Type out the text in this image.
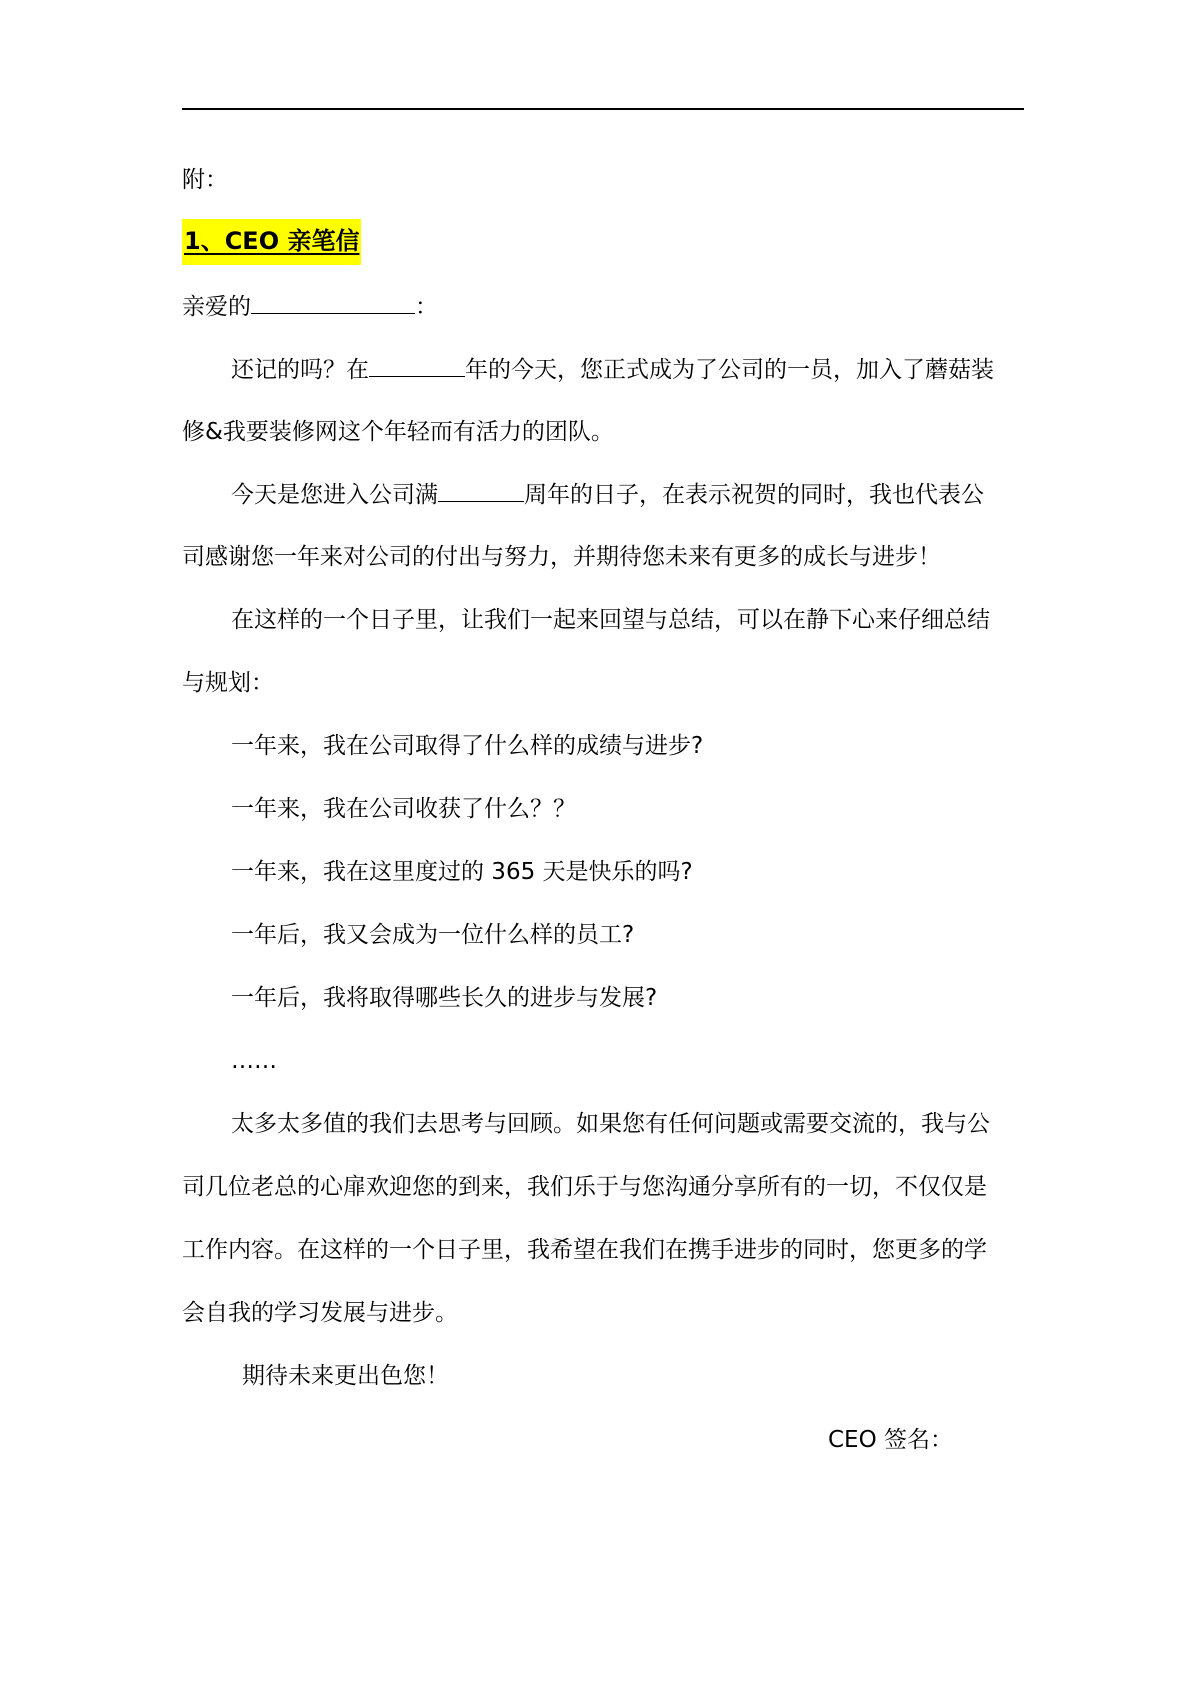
附：
1、CEO 亲笔信
亲爱的	：
还记的吗？在	年的今天，您正式成为了公司的一员，加入了蘑菇装
修&我要装修网这个年轻而有活力的团队。
今天是您进入公司满	周年的日子，在表示祝贺的同时，我也代表公
司感谢您一年来对公司的付出与努力，并期待您未来有更多的成长与进步！
在这样的一个日子里，让我们一起来回望与总结，可以在静下心来仔细总结
与规划：
一年来，我在公司取得了什么样的成绩与进步?
一年来，我在公司收获了什么？？
一年来，我在这里度过的 365 天是快乐的吗?
一年后，我又会成为一位什么样的员工?
一年后，我将取得哪些长久的进步与发展?
……
太多太多值的我们去思考与回顾。如果您有任何问题或需要交流的，我与公
司几位老总的心扉欢迎您的到来，我们乐于与您沟通分享所有的一切，不仅仅是
工作内容。在这样的一个日子里，我希望在我们在携手进步的同时，您更多的学
会自我的学习发展与进步。
期待未来更出色您！
CEO 签名：
